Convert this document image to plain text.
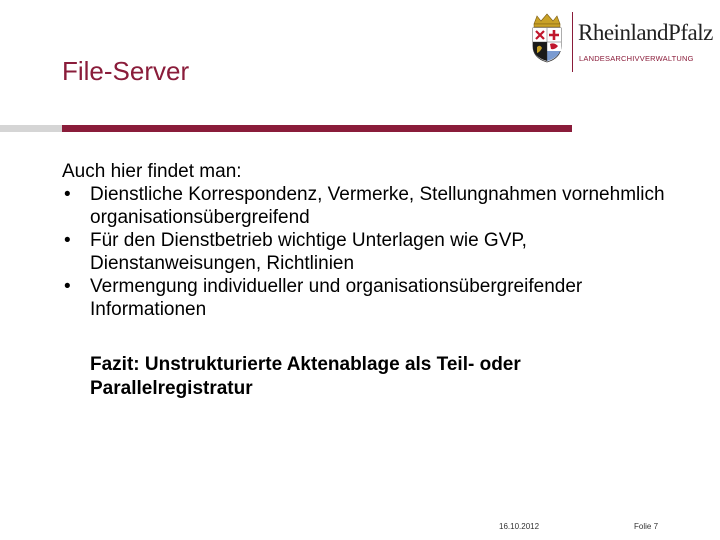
File-Server
RheinlandPfalz
LANDESARCHIVVERWALTUNG

Auch hier findet man:

• Dienstliche Korrespondenz, Vermerke, Stellungnahmen vornehmlich organisationsübergreifend
• Für den Dienstbetrieb wichtige Unterlagen wie GVP, Dienstanweisungen, Richtlinien
• Vermengung individueller und organisationsübergreifender Informationen

Fazit: Unstrukturierte Aktenablage als Teil- oder Parallelregistratur

16.10.2012	Folie 7
